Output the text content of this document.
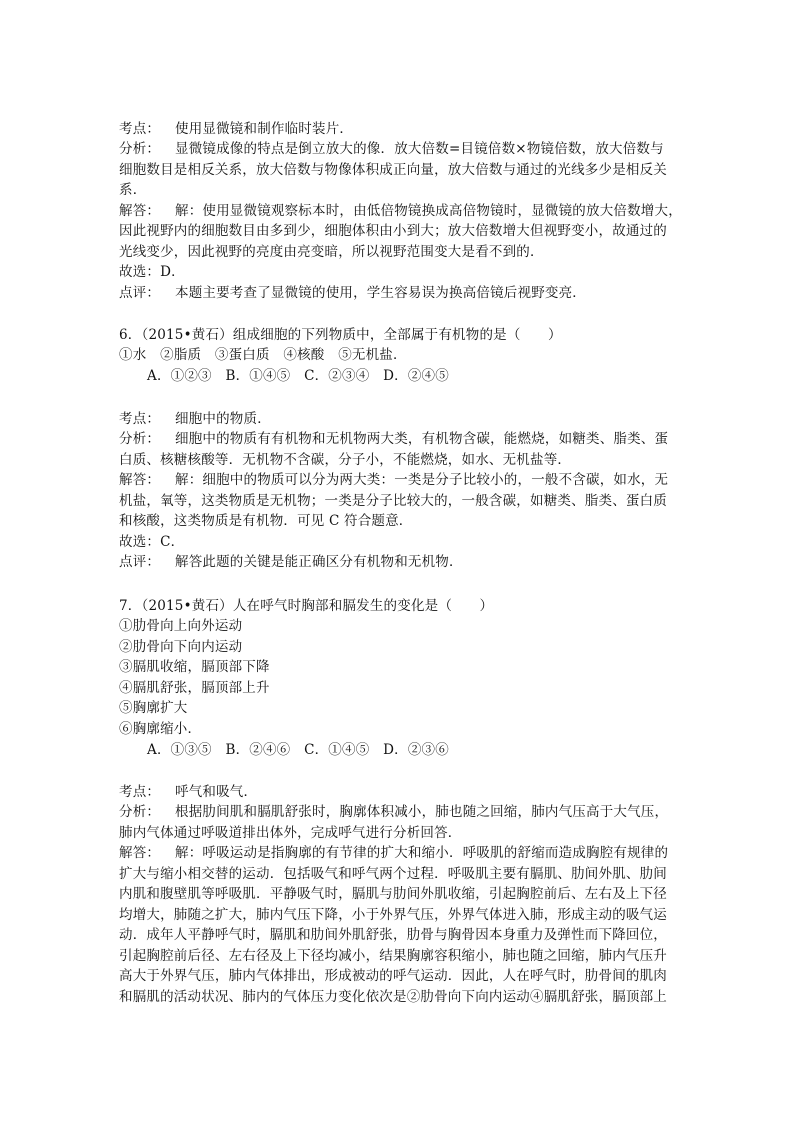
考点： 使用显微镜和制作临时装片．
分析： 显微镜成像的特点是倒立放大的像．放大倍数=目镜倍数×物镜倍数，放大倍数与
细胞数目是相反关系，放大倍数与物像体积成正向量，放大倍数与通过的光线多少是相反关
系．
解答： 解：使用显微镜观察标本时，由低倍物镜换成高倍物镜时，显微镜的放大倍数增大，
因此视野内的细胞数目由多到少，细胞体积由小到大；放大倍数增大但视野变小，故通过的
光线变少，因此视野的亮度由亮变暗，所以视野范围变大是看不到的．
故选：D．
点评： 本题主要考查了显微镜的使用，学生容易误为换高倍镜后视野变亮．
6．（2015•黄石）组成细胞的下列物质中，全部属于有机物的是（　　）
①水　②脂质　③蛋白质　④核酸　⑤无机盐．
A．①②③　B．①④⑤　C．②③④　D．②④⑤
考点： 细胞中的物质．
分析： 细胞中的物质有有机物和无机物两大类，有机物含碳，能燃烧，如糖类、脂类、蛋
白质、核糖核酸等．无机物不含碳，分子小，不能燃烧，如水、无机盐等．
解答： 解：细胞中的物质可以分为两大类：一类是分子比较小的，一般不含碳，如水，无
机盐，氧等，这类物质是无机物；一类是分子比较大的，一般含碳，如糖类、脂类、蛋白质
和核酸，这类物质是有机物．可见 C 符合题意．
故选：C．
点评： 解答此题的关键是能正确区分有机物和无机物．
7．（2015•黄石）人在呼气时胸部和膈发生的变化是（　　）
①肋骨向上向外运动
②肋骨向下向内运动
③膈肌收缩，膈顶部下降
④膈肌舒张，膈顶部上升
⑤胸廓扩大
⑥胸廓缩小．
A．①③⑤　B．②④⑥　C．①④⑤　D．②③⑥
考点： 呼气和吸气．
分析： 根据肋间肌和膈肌舒张时，胸廓体积减小，肺也随之回缩，肺内气压高于大气压，
肺内气体通过呼吸道排出体外，完成呼气进行分析回答．
解答： 解：呼吸运动是指胸廓的有节律的扩大和缩小．呼吸肌的舒缩而造成胸腔有规律的
扩大与缩小相交替的运动．包括吸气和呼气两个过程．呼吸肌主要有膈肌、肋间外肌、肋间
内肌和腹壁肌等呼吸肌．平静吸气时，膈肌与肋间外肌收缩，引起胸腔前后、左右及上下径
均增大，肺随之扩大，肺内气压下降，小于外界气压，外界气体进入肺，形成主动的吸气运
动．成年人平静呼气时，膈肌和肋间外肌舒张，肋骨与胸骨因本身重力及弹性而下降回位，
引起胸腔前后径、左右径及上下径均减小，结果胸廓容积缩小，肺也随之回缩，肺内气压升
高大于外界气压，肺内气体排出，形成被动的呼气运动．因此，人在呼气时，肋骨间的肌肉
和膈肌的活动状况、肺内的气体压力变化依次是②肋骨向下向内运动④膈肌舒张，膈顶部上
